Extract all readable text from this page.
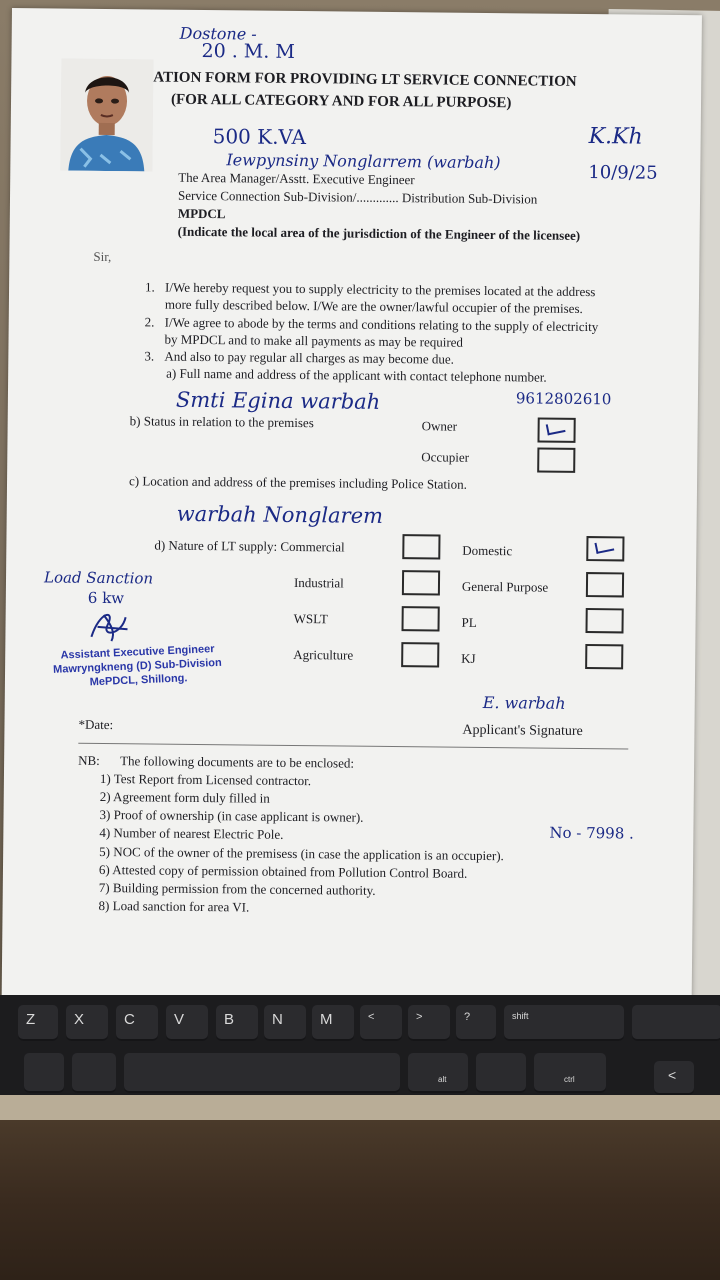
Dostone -
20 . M. M
ATION FORM FOR PROVIDING LT SERVICE CONNECTION
(FOR ALL CATEGORY AND FOR ALL PURPOSE)
500 K.VA	K.Kh
10/9/25
Iewpynsiny Nonglarrem (warbah)
The Area Manager/Asstt. Executive Engineer
Service Connection Sub-Division/............. Distribution Sub-Division
MPDCL
(Indicate the local area of the jurisdiction of the Engineer of the licensee)
Sir,
1. I/We hereby request you to supply electricity to the premises located at the address
more fully described below. I/We are the owner/lawful occupier of the premises.
2. I/We agree to abode by the terms and conditions relating to the supply of electricity
by MPDCL and to make all payments as may be required
3. And also to pay regular all charges as may become due.
a) Full name and address of the applicant with contact telephone number.
Smti Egina warbah	9612802610
b) Status in relation to the premises	Owner
Occupier
c) Location and address of the premises including Police Station.
warbah Nonglarem
d) Nature of LT supply: Commercial	Domestic
Industrial	General Purpose
WSLT	PL
Agriculture	KJ
Load Sanction
6 kw
Assistant Executive Engineer
Mawryngkneng (D) Sub-Division
MePDCL, Shillong.
E. warbah
*Date:	Applicant's Signature
NB: The following documents are to be enclosed:
1) Test Report from Licensed contractor.
2) Agreement form duly filled in
3) Proof of ownership (in case applicant is owner).
4) Number of nearest Electric Pole.
5) NOC of the owner of the premisess (in case the application is an occupier).
6) Attested copy of permission obtained from Pollution Control Board.
7) Building permission from the concerned authority.
8) Load sanction for area VI.
No - 7998 .
Z	X	C	V	B	N M	<	>	?	shift
alt	ctrl	<
